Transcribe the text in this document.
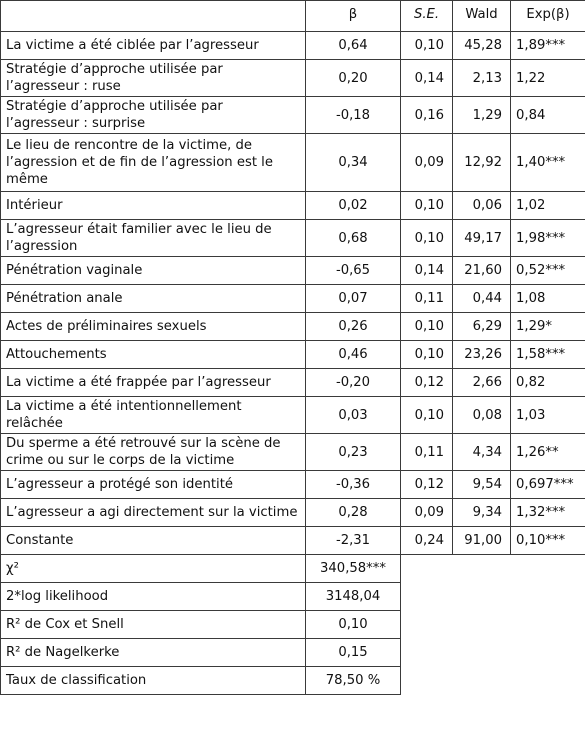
	β	S.E.	Wald	Exp(β)
La victime a été ciblée par l’agresseur	0,64	0,10	45,28	1,89***
Stratégie d’approche utilisée par l’agresseur : ruse	0,20	0,14	2,13	1,22
Stratégie d’approche utilisée par l’agresseur : surprise	-0,18	0,16	1,29	0,84
Le lieu de rencontre de la victime, de l’agression et de fin de l’agression est le même	0,34	0,09	12,92	1,40***
Intérieur	0,02	0,10	0,06	1,02
L’agresseur était familier avec le lieu de l’agression	0,68	0,10	49,17	1,98***
Pénétration vaginale	-0,65	0,14	21,60	0,52***
Pénétration anale	0,07	0,11	0,44	1,08
Actes de préliminaires sexuels	0,26	0,10	6,29	1,29*
Attouchements	0,46	0,10	23,26	1,58***
La victime a été frappée par l’agresseur	-0,20	0,12	2,66	0,82
La victime a été intentionnellement relâchée	0,03	0,10	0,08	1,03
Du sperme a été retrouvé sur la scène de crime ou sur le corps de la victime	0,23	0,11	4,34	1,26**
L’agresseur a protégé son identité	-0,36	0,12	9,54	0,697***
L’agresseur a agi directement sur la victime	0,28	0,09	9,34	1,32***
Constante	-2,31	0,24	91,00	0,10***
χ²	340,58***			
2*log likelihood	3148,04			
R² de Cox et Snell	0,10			
R² de Nagelkerke	0,15			
Taux de classification	78,50 %			
